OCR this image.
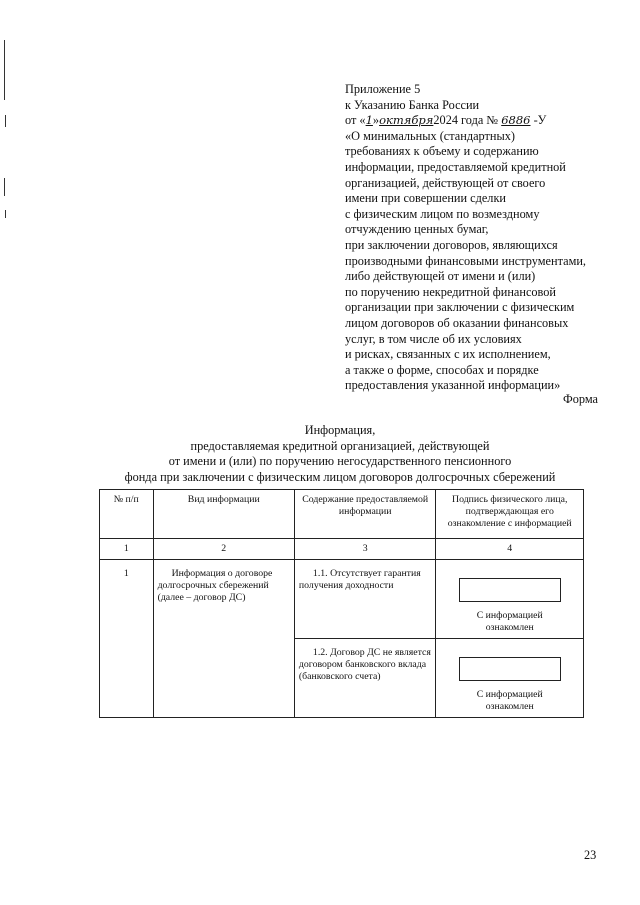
Приложение 5
к Указанию Банка России
от «1»октября2024 года № 6886 -У
«О минимальных (стандартных)
требованиях к объему и содержанию
информации, предоставляемой кредитной
организацией, действующей от своего
имени при совершении сделки
с физическим лицом по возмездному
отчуждению ценных бумаг,
при заключении договоров, являющихся
производными финансовыми инструментами,
либо действующей от имени и (или)
по поручению некредитной финансовой
организации при заключении с физическим
лицом договоров об оказании финансовых
услуг, в том числе об их условиях
и рисках, связанных с их исполнением,
а также о форме, способах и порядке
предоставления указанной информации»
Форма
Информация,
предоставляемая кредитной организацией, действующей
от имени и (или) по поручению негосударственного пенсионного
фонда при заключении с физическим лицом договоров долгосрочных сбережений
№ п/п	Вид информации	Содержание предоставляемой информации	Подпись физического лица, подтверждающая его ознакомление с информацией
1	2	3	4
1	Информация о договоре долгосрочных сбережений (далее – договор ДС)	1.1. Отсутствует гарантия получения доходности	С информацией ознакомлен

		1.2. Договор ДС не является договором банковского вклада (банковского счета)	С информацией ознакомлен
23
